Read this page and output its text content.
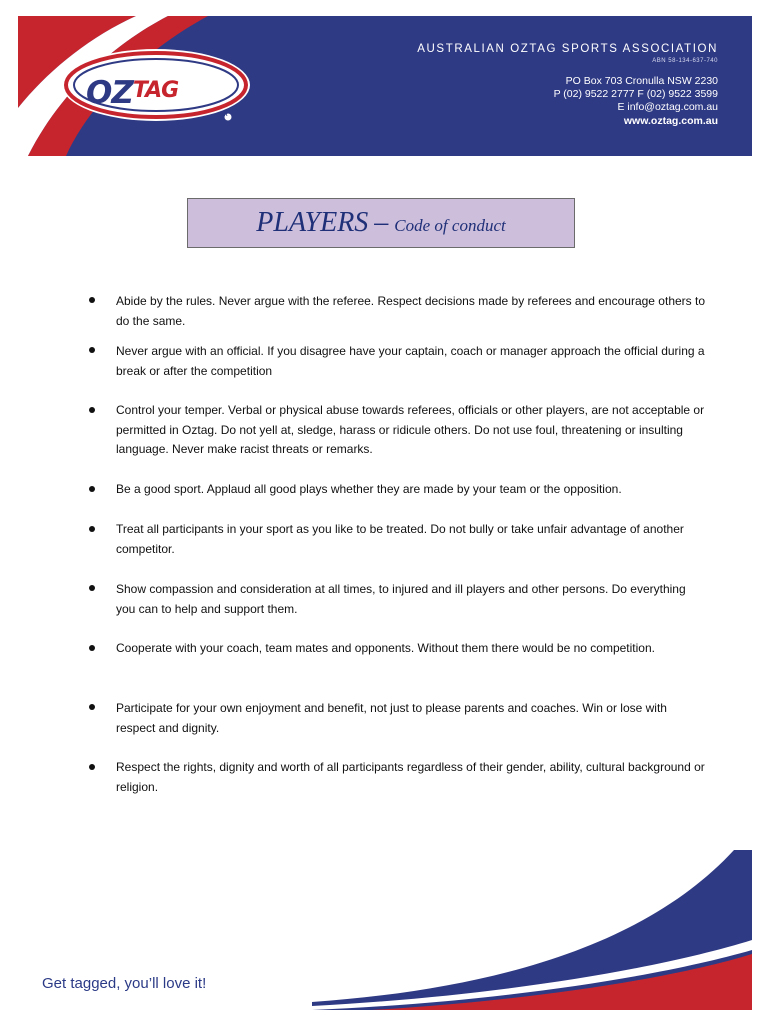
OZTAG
R
AUSTRALIAN OZTAG SPORTS ASSOCIATION
ABN 58-134-637-740
PO Box 703 Cronulla NSW 2230
P (02) 9522 2777 F (02) 9522 3599
E info@oztag.com.au
www.oztag.com.au
PLAYERS – Code of conduct
Abide by the rules. Never argue with the referee. Respect decisions made by referees and encourage others to do the same.
Never argue with an official. If you disagree have your captain, coach or manager approach the official during a break or after the competition
Control your temper. Verbal or physical abuse towards referees, officials or other players, are not acceptable or permitted in Oztag. Do not yell at, sledge, harass or ridicule others. Do not use foul, threatening or insulting language. Never make racist threats or remarks.
Be a good sport. Applaud all good plays whether they are made by your team or the opposition.
Treat all participants in your sport as you like to be treated. Do not bully or take unfair advantage of another competitor.
Show compassion and consideration at all times, to injured and ill players and other persons. Do everything you can to help and support them.
Cooperate with your coach, team mates and opponents. Without them there would be no competition.
Participate for your own enjoyment and benefit, not just to please parents and coaches. Win or lose with respect and dignity.
Respect the rights, dignity and worth of all participants regardless of their gender, ability, cultural background or religion.
Get tagged, you’ll love it!
